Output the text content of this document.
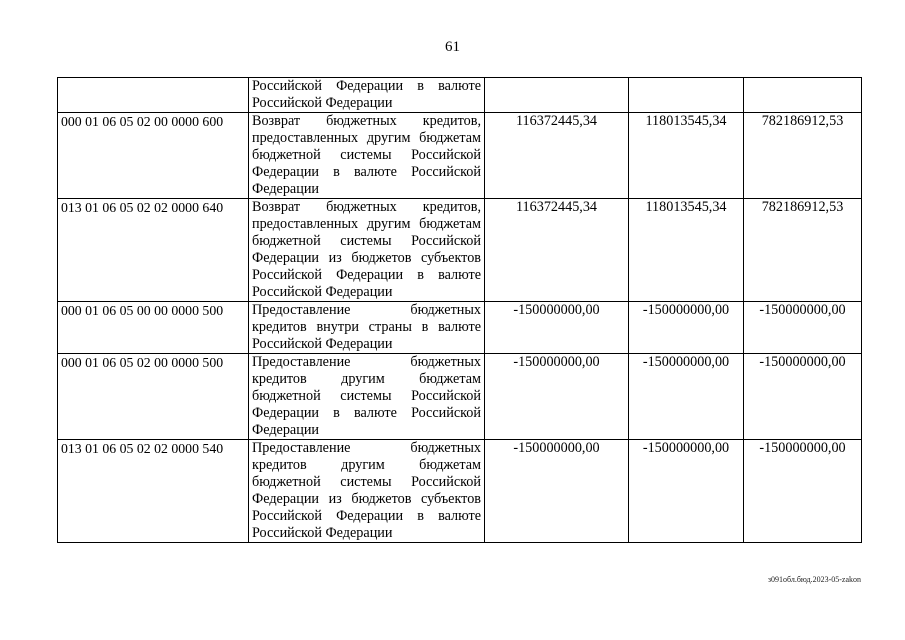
61
	Российской Федерации в валюте Российской Федерации			
000 01 06 05 02 00 0000 600	Возврат бюджетных кредитов, предоставленных другим бюджетам бюджетной системы Российской Федерации в валюте Российской Федерации	116372445,34	118013545,34	782186912,53
013 01 06 05 02 02 0000 640	Возврат бюджетных кредитов, предоставленных другим бюджетам бюджетной системы Российской Федерации из бюджетов субъектов Российской Федерации в валюте Российской Федерации	116372445,34	118013545,34	782186912,53
000 01 06 05 00 00 0000 500	Предоставление бюджетных кредитов внутри страны в валюте Российской Федерации	-150000000,00	-150000000,00	-150000000,00
000 01 06 05 02 00 0000 500	Предоставление бюджетных кредитов другим бюджетам бюджетной системы Российской Федерации в валюте Российской Федерации	-150000000,00	-150000000,00	-150000000,00
013 01 06 05 02 02 0000 540	Предоставление бюджетных кредитов другим бюджетам бюджетной системы Российской Федерации из бюджетов субъектов Российской Федерации в валюте Российской Федерации	-150000000,00	-150000000,00	-150000000,00
з091обл.бюд.2023-05-zakon
